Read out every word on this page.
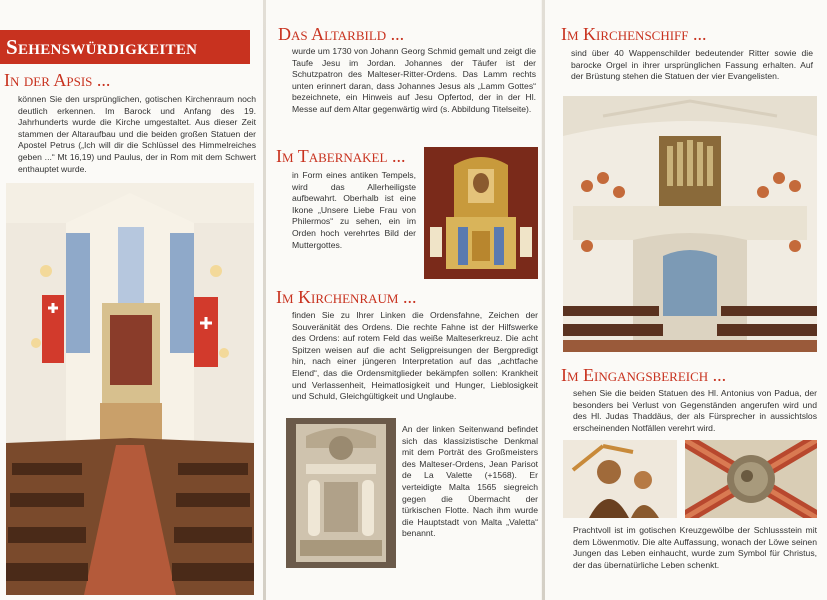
Sehenswürdigkeiten
In der Apsis ...
können Sie den ursprünglichen, gotischen Kirchenraum noch deutlich erkennen. Im Barock und Anfang des 19. Jahrhunderts wurde die Kirche umgestaltet. Aus dieser Zeit stammen der Altaraufbau und die beiden großen Statuen der Apostel Petrus („Ich will dir die Schlüssel des Himmelreiches geben ...“ Mt 16,19) und Paulus, der in Rom mit dem Schwert enthauptet wurde.
Das Altarbild ...
wurde um 1730 von Johann Georg Schmid gemalt und zeigt die Taufe Jesu im Jordan. Johannes der Täufer ist der Schutzpatron des Malteser-Ritter-Ordens. Das Lamm rechts unten erinnert daran, dass Johannes Jesus als „Lamm Gottes“ bezeichnete, ein Hinweis auf Jesu Opfertod, der in der Hl. Messe auf dem Altar gegenwärtig wird (s. Abbildung Titelseite).
Im Tabernakel ...
in Form eines antiken Tempels, wird das Allerheiligste aufbewahrt. Oberhalb ist eine Ikone „Unsere Liebe Frau von Philermos“ zu sehen, ein im Orden hoch verehrtes Bild der Muttergottes.
Im Kirchenraum ...
finden Sie zu Ihrer Linken die Ordensfahne, Zeichen der Souveränität des Ordens. Die rechte Fahne ist der Hilfswerke des Ordens: auf rotem Feld das weiße Malteserkreuz. Die acht Spitzen weisen auf die acht Seligpreisungen der Bergpredigt hin, nach einer jüngeren Interpretation auf das „achtfache Elend“, das die Ordensmitglieder bekämpfen sollen: Krankheit und Verlassenheit, Heimatlosigkeit und Hunger, Lieblosigkeit und Schuld, Gleichgültigkeit und Unglaube.
An der linken Seitenwand befindet sich das klassizistische Denkmal mit dem Porträt des Großmeisters des Malteser-Ordens, Jean Parisot de La Valette (+1568). Er verteidigte Malta 1565 siegreich gegen die Übermacht der türkischen Flotte. Nach ihm wurde die Hauptstadt von Malta „Valetta“ benannt.
Im Kirchenschiff ...
sind über 40 Wappenschilder bedeutender Ritter sowie die barocke Orgel in ihrer ursprünglichen Fassung erhalten. Auf der Brüstung stehen die Statuen der vier Evangelisten.
Im Eingangsbereich ...
sehen Sie die beiden Statuen des Hl. Antonius von Padua, der besonders bei Verlust von Gegenständen angerufen wird und des Hl. Judas Thaddäus, der als Fürsprecher in aussichtslos erscheinenden Notfällen verehrt wird.
Prachtvoll ist im gotischen Kreuzgewölbe der Schlussstein mit dem Löwenmotiv. Die alte Auffassung, wonach der Löwe seinen Jungen das Leben einhaucht, wurde zum Symbol für Christus, der das übernatürliche Leben schenkt.
